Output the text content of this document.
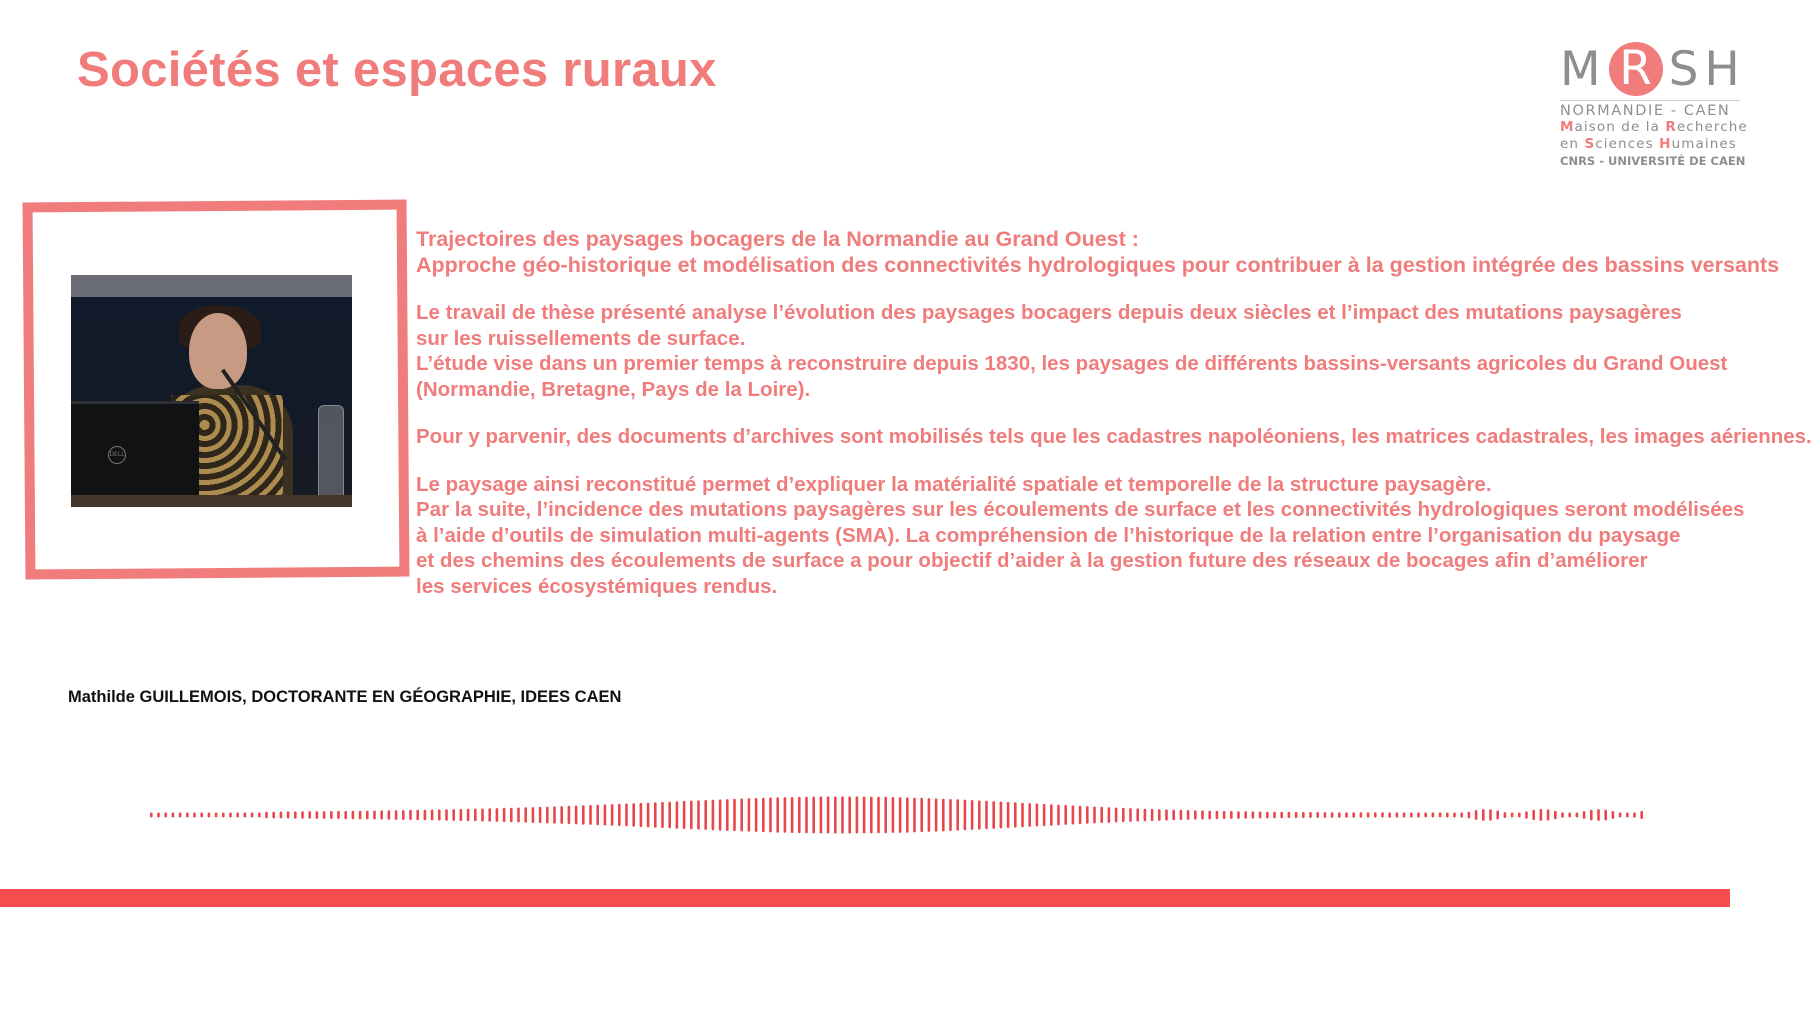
Sociétés et espaces ruraux	M R SH
NORMANDIE - CAEN
Maison de la Recherche
en Sciences Humaines
CNRS - UNIVERSITÉ DE CAEN
DELL
Trajectoires des paysages bocagers de la Normandie au Grand Ouest :
Approche géo-historique et modélisation des connectivités hydrologiques pour contribuer à la gestion intégrée des bassins versants
Le travail de thèse présenté analyse l’évolution des paysages bocagers depuis deux siècles et l’impact des mutations paysagères
sur les ruissellements de surface.
L’étude vise dans un premier temps à reconstruire depuis 1830, les paysages de différents bassins-versants agricoles du Grand Ouest
(Normandie, Bretagne, Pays de la Loire).
Pour y parvenir, des documents d’archives sont mobilisés tels que les cadastres napoléoniens, les matrices cadastrales, les images aériennes.
Le paysage ainsi reconstitué permet d’expliquer la matérialité spatiale et temporelle de la structure paysagère.
Par la suite, l’incidence des mutations paysagères sur les écoulements de surface et les connectivités hydrologiques seront modélisées
à l’aide d’outils de simulation multi-agents (SMA). La compréhension de l’historique de la relation entre l’organisation du paysage
et des chemins des écoulements de surface a pour objectif d’aider à la gestion future des réseaux de bocages afin d’améliorer
les services écosystémiques rendus.
Mathilde GUILLEMOIS, DOCTORANTE EN GÉOGRAPHIE, IDEES CAEN
